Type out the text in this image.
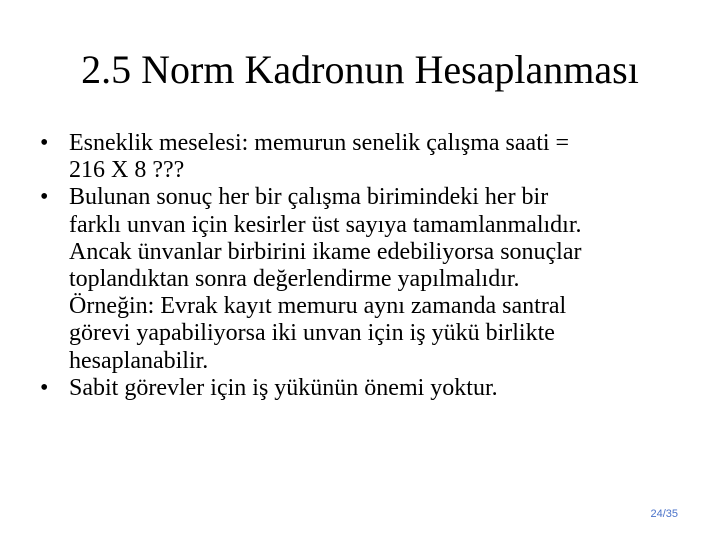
2.5 Norm Kadronun Hesaplanması
• Esneklik meselesi: memurun senelik çalışma saati =
216 X 8 ???
• Bulunan sonuç her bir çalışma birimindeki her bir
farklı unvan için kesirler üst sayıya tamamlanmalıdır.
Ancak ünvanlar birbirini ikame edebiliyorsa sonuçlar
toplandıktan sonra değerlendirme yapılmalıdır.
Örneğin: Evrak kayıt memuru aynı zamanda santral
görevi yapabiliyorsa iki unvan için iş yükü birlikte
hesaplanabilir.
• Sabit görevler için iş yükünün önemi yoktur.
24/35
